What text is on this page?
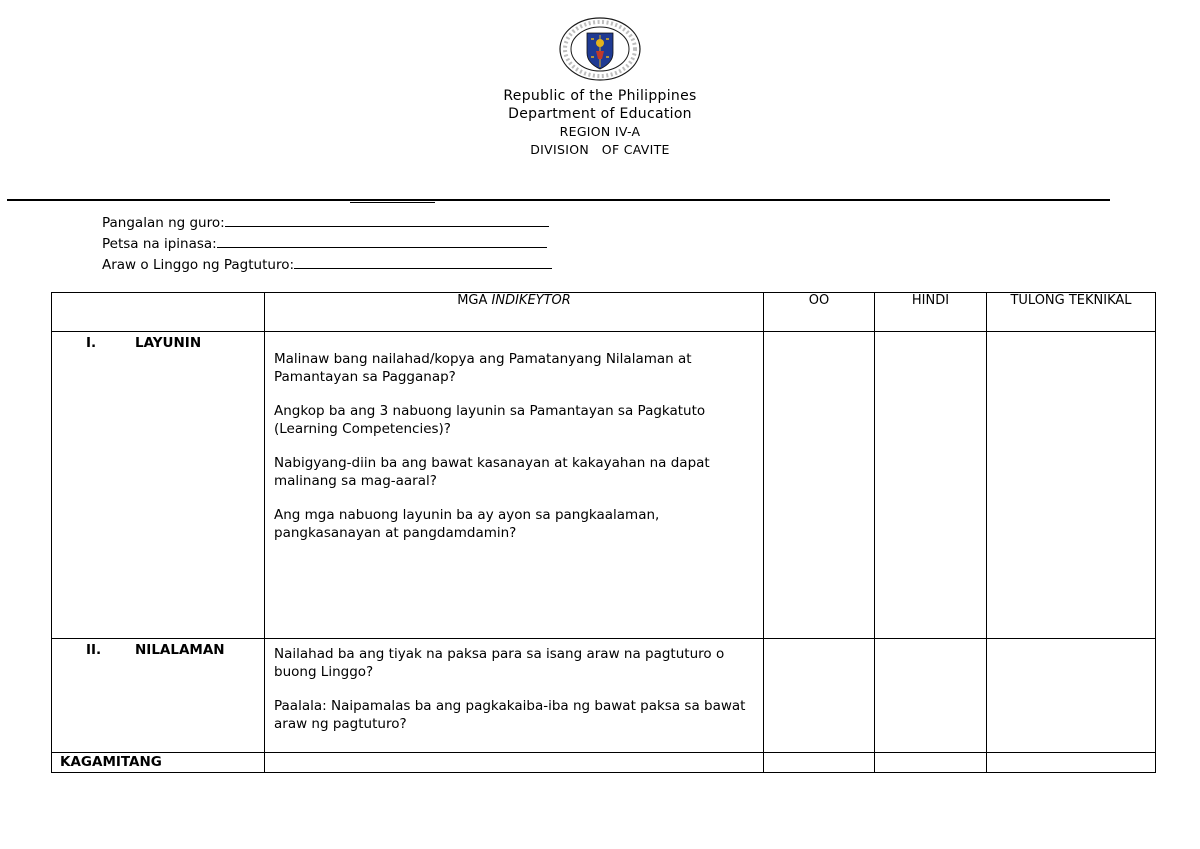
Republic of the Philippines
Department of Education
REGION IV-A
DIVISION   OF CAVITE
Pangalan ng guro:
Petsa na ipinasa:
Araw o Linggo ng Pagtuturo:
	MGA INDIKEYTOR	OO	HINDI	TULONG TEKNIKAL
I. LAYUNIN	Malinaw bang nailahad/kopya ang Pamatanyang Nilalaman at Pamantayan sa Pagganap?

Angkop ba ang 3 nabuong layunin sa Pamantayan sa Pagkatuto (Learning Competencies)?

Nabigyang-diin ba ang bawat kasanayan at kakayahan na dapat malinang sa mag-aaral?

Ang mga nabuong layunin ba ay ayon sa pangkaalaman, pangkasanayan at pangdamdamin?			

II. NILALAMAN	Nailahad ba ang tiyak na paksa para sa isang araw na pagtuturo o buong Linggo?

Paalala: Naipamalas ba ang pagkakaiba-iba ng bawat paksa sa bawat araw ng pagtuturo?			

KAGAMITANG				
